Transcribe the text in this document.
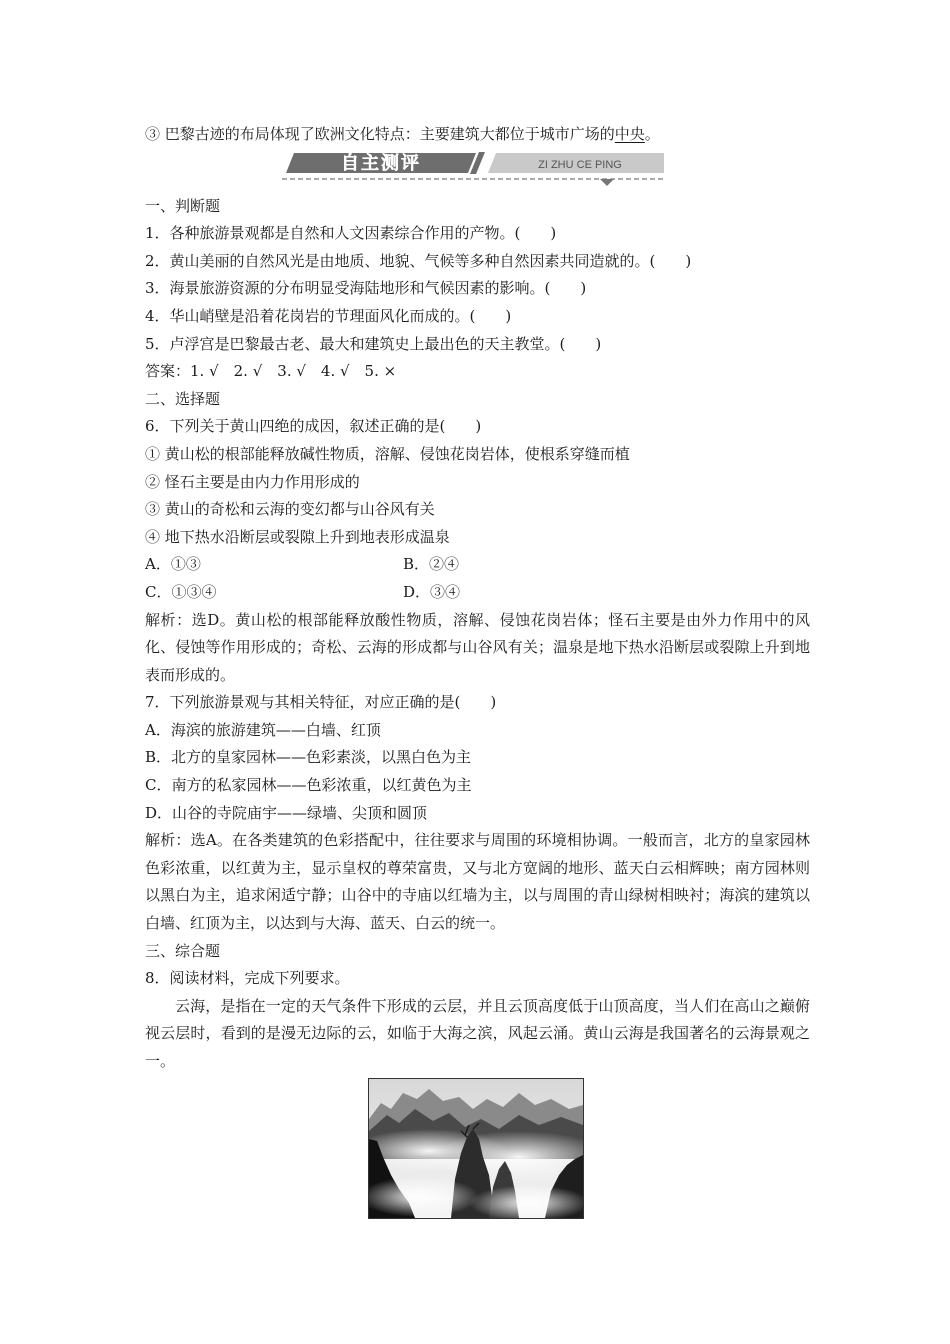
③ 巴黎古迹的布局体现了欧洲文化特点：主要建筑大都位于城市广场的中央。
自主测评	ZI ZHU CE PING
一、判断题
1．各种旅游景观都是自然和人文因素综合作用的产物。(　　)
2．黄山美丽的自然风光是由地质、地貌、气候等多种自然因素共同造就的。(　　)
3．海景旅游资源的分布明显受海陆地形和气候因素的影响。(　　)
4．华山峭壁是沿着花岗岩的节理面风化而成的。(　　)
5．卢浮宫是巴黎最古老、最大和建筑史上最出色的天主教堂。(　　)
答案：1. √　2. √　3. √　4. √　5. ×
二、选择题
6．下列关于黄山四绝的成因，叙述正确的是(　　)
① 黄山松的根部能释放碱性物质，溶解、侵蚀花岗岩体，使根系穿缝而植
② 怪石主要是由内力作用形成的
③ 黄山的奇松和云海的变幻都与山谷风有关
④ 地下热水沿断层或裂隙上升到地表形成温泉
A．①③	B．②④
C．①③④	D．③④
解析：选D。黄山松的根部能释放酸性物质，溶解、侵蚀花岗岩体；怪石主要是由外力作用中的风化、侵蚀等作用形成的；奇松、云海的形成都与山谷风有关；温泉是地下热水沿断层或裂隙上升到地表而形成的。
7．下列旅游景观与其相关特征，对应正确的是(　　)
A．海滨的旅游建筑——白墙、红顶
B．北方的皇家园林——色彩素淡，以黑白色为主
C．南方的私家园林——色彩浓重，以红黄色为主
D．山谷的寺院庙宇——绿墙、尖顶和圆顶
解析：选A。在各类建筑的色彩搭配中，往往要求与周围的环境相协调。一般而言，北方的皇家园林色彩浓重，以红黄为主，显示皇权的尊荣富贵，又与北方宽阔的地形、蓝天白云相辉映；南方园林则以黑白为主，追求闲适宁静；山谷中的寺庙以红墙为主，以与周围的青山绿树相映衬；海滨的建筑以白墙、红顶为主，以达到与大海、蓝天、白云的统一。
三、综合题
8．阅读材料，完成下列要求。
云海，是指在一定的天气条件下形成的云层，并且云顶高度低于山顶高度，当人们在高山之巅俯视云层时，看到的是漫无边际的云，如临于大海之滨，风起云涌。黄山云海是我国著名的云海景观之一。
